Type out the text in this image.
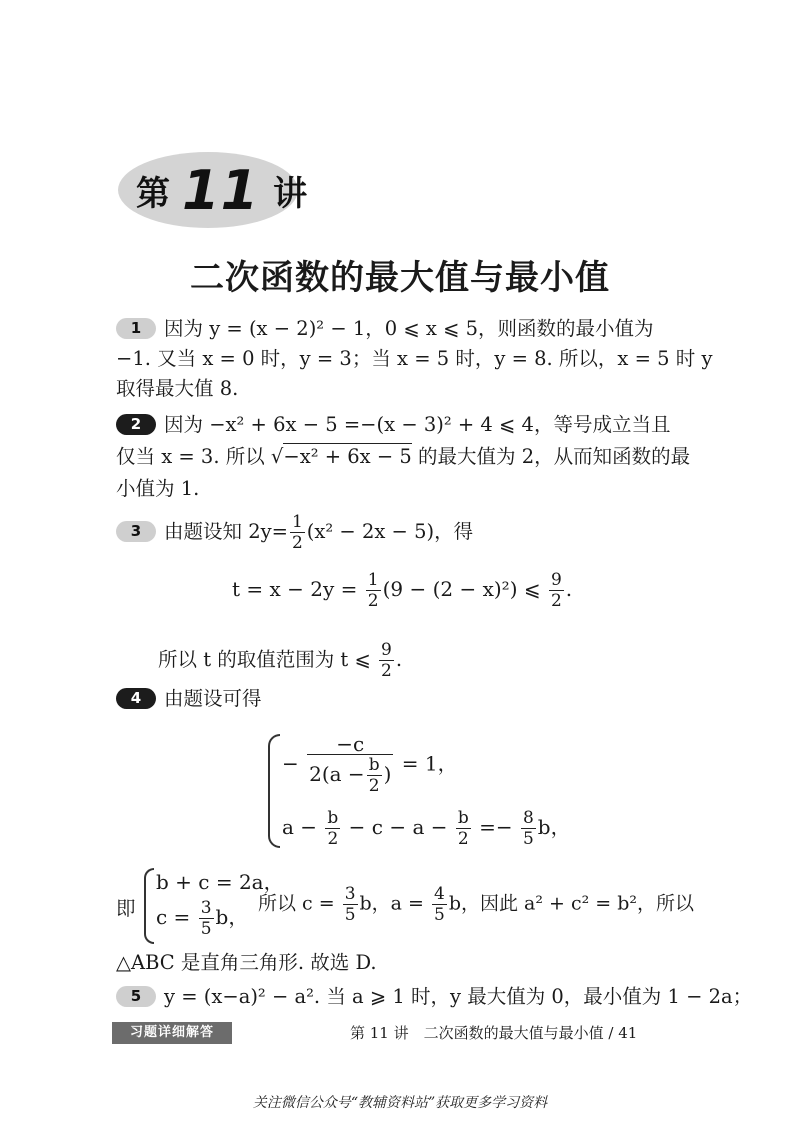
第 11 讲
二次函数的最大值与最小值
1 因为 y = (x − 2)² − 1，0 ⩽ x ⩽ 5，则函数的最小值为
−1. 又当 x = 0 时，y = 3；当 x = 5 时，y = 8. 所以，x = 5 时 y
取得最大值 8.
2 因为 −x² + 6x − 5 =−(x − 3)² + 4 ⩽ 4，等号成立当且
仅当 x = 3. 所以 √−x² + 6x − 5 的最大值为 2，从而知函数的最
小值为 1.
3 由题设知 $2y= \frac{1}{2} (x^2 - 2x - 5)$，得
$t = x - 2y = \frac{1}{2} (9 - (2 - x)^2)$ ⩽ $\frac{9}{2}$ .
所以 t 的取值范围为 t ⩽ $\frac{9}{2}$ .
4 由题设可得
− $\frac{-c}{2(a - \frac{b}{2} )} = 1$，
$a - \frac{b}{2} - c - a - \frac{b}{2} =- \frac{8}{5}$ b，
即
b + c = 2a，
$c = \frac{3}{5}$ b，
所以 $c = \frac{3}{5}$ b，$a = \frac{4}{5}$ b，因此 a² + c² = b²，所以
△ABC 是直角三角形. 故选 D.
5 y = (x−a)² − a². 当 a ⩾ 1 时，y 最大值为 0，最小值为 1 − 2a；
习题详细解答	第 11 讲　二次函数的最大值与最小值 / 41
关注微信公众号“教辅资料站”获取更多学习资料
